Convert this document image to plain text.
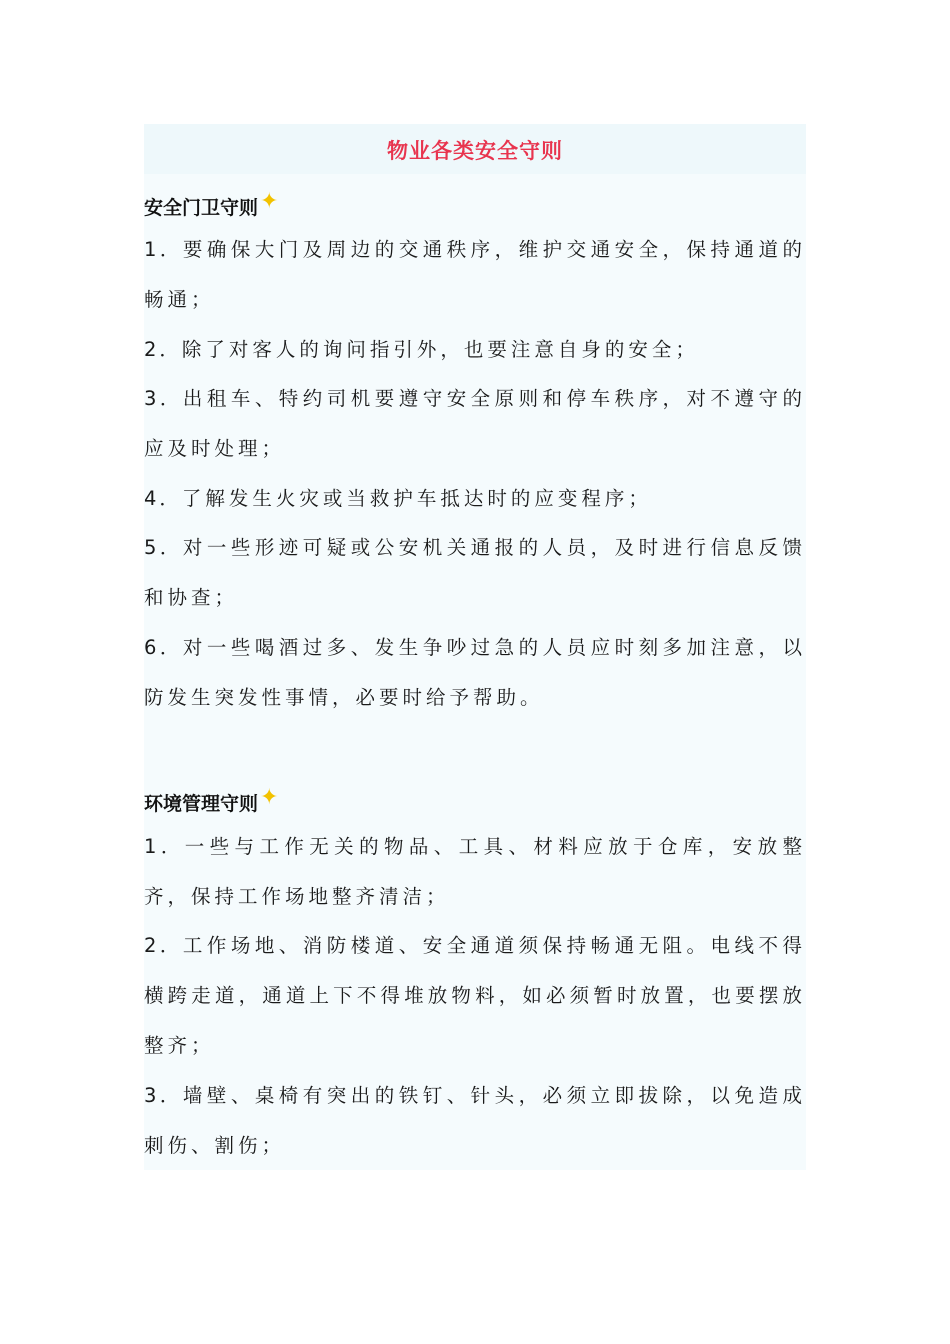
物业各类安全守则
安全门卫守则✦
1．要确保大门及周边的交通秩序，维护交通安全，保持通道的畅通；
2．除了对客人的询问指引外，也要注意自身的安全；
3．出租车、特约司机要遵守安全原则和停车秩序，对不遵守的应及时处理；
4．了解发生火灾或当救护车抵达时的应变程序；
5．对一些形迹可疑或公安机关通报的人员，及时进行信息反馈和协查；
6．对一些喝酒过多、发生争吵过急的人员应时刻多加注意，以防发生突发性事情，必要时给予帮助。
环境管理守则✦
1．一些与工作无关的物品、工具、材料应放于仓库，安放整齐，保持工作场地整齐清洁；
2．工作场地、消防楼道、安全通道须保持畅通无阻。电线不得横跨走道，通道上下不得堆放物料，如必须暂时放置，也要摆放整齐；
3．墙壁、桌椅有突出的铁钉、针头，必须立即拔除，以免造成刺伤、割伤；
